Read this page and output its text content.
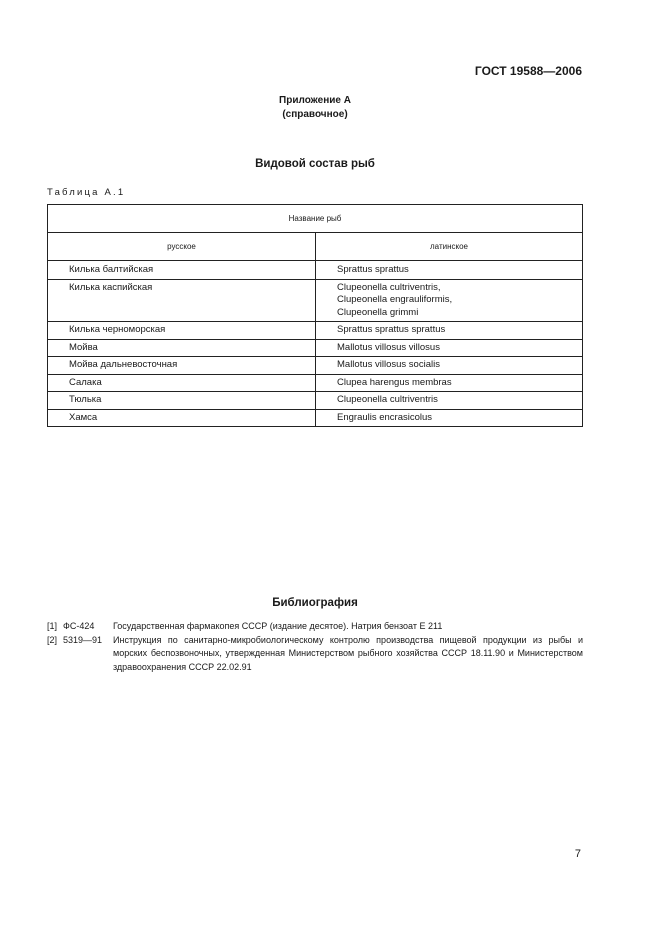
ГОСТ 19588—2006
Приложение А
(справочное)
Видовой состав рыб
Таблица А.1
Название рыб	
русское	латинское
Килька балтийская	Sprattus sprattus

Килька каспийская	Clupeonella cultriventris,
Clupeonella engrauliformis,
Clupeonella grimmi

Килька черноморская	Sprattus sprattus sprattus

Мойва	Mallotus villosus villosus

Мойва дальневосточная	Mallotus villosus socialis

Салака	Clupea harengus membras

Тюлька	Clupeonella cultriventris

Хамса	Engraulis encrasicolus
Библиография
[1] ФС-424 Государственная фармакопея СССР (издание десятое). Натрия бензоат Е 211
[2] 5319—91 Инструкция по санитарно-микробиологическому контролю производства пищевой продукции из рыбы и морских беспозвоночных, утвержденная Министерством рыбного хозяйства СССР 18.11.90 и Министерством здравоохранения СССР 22.02.91
7
